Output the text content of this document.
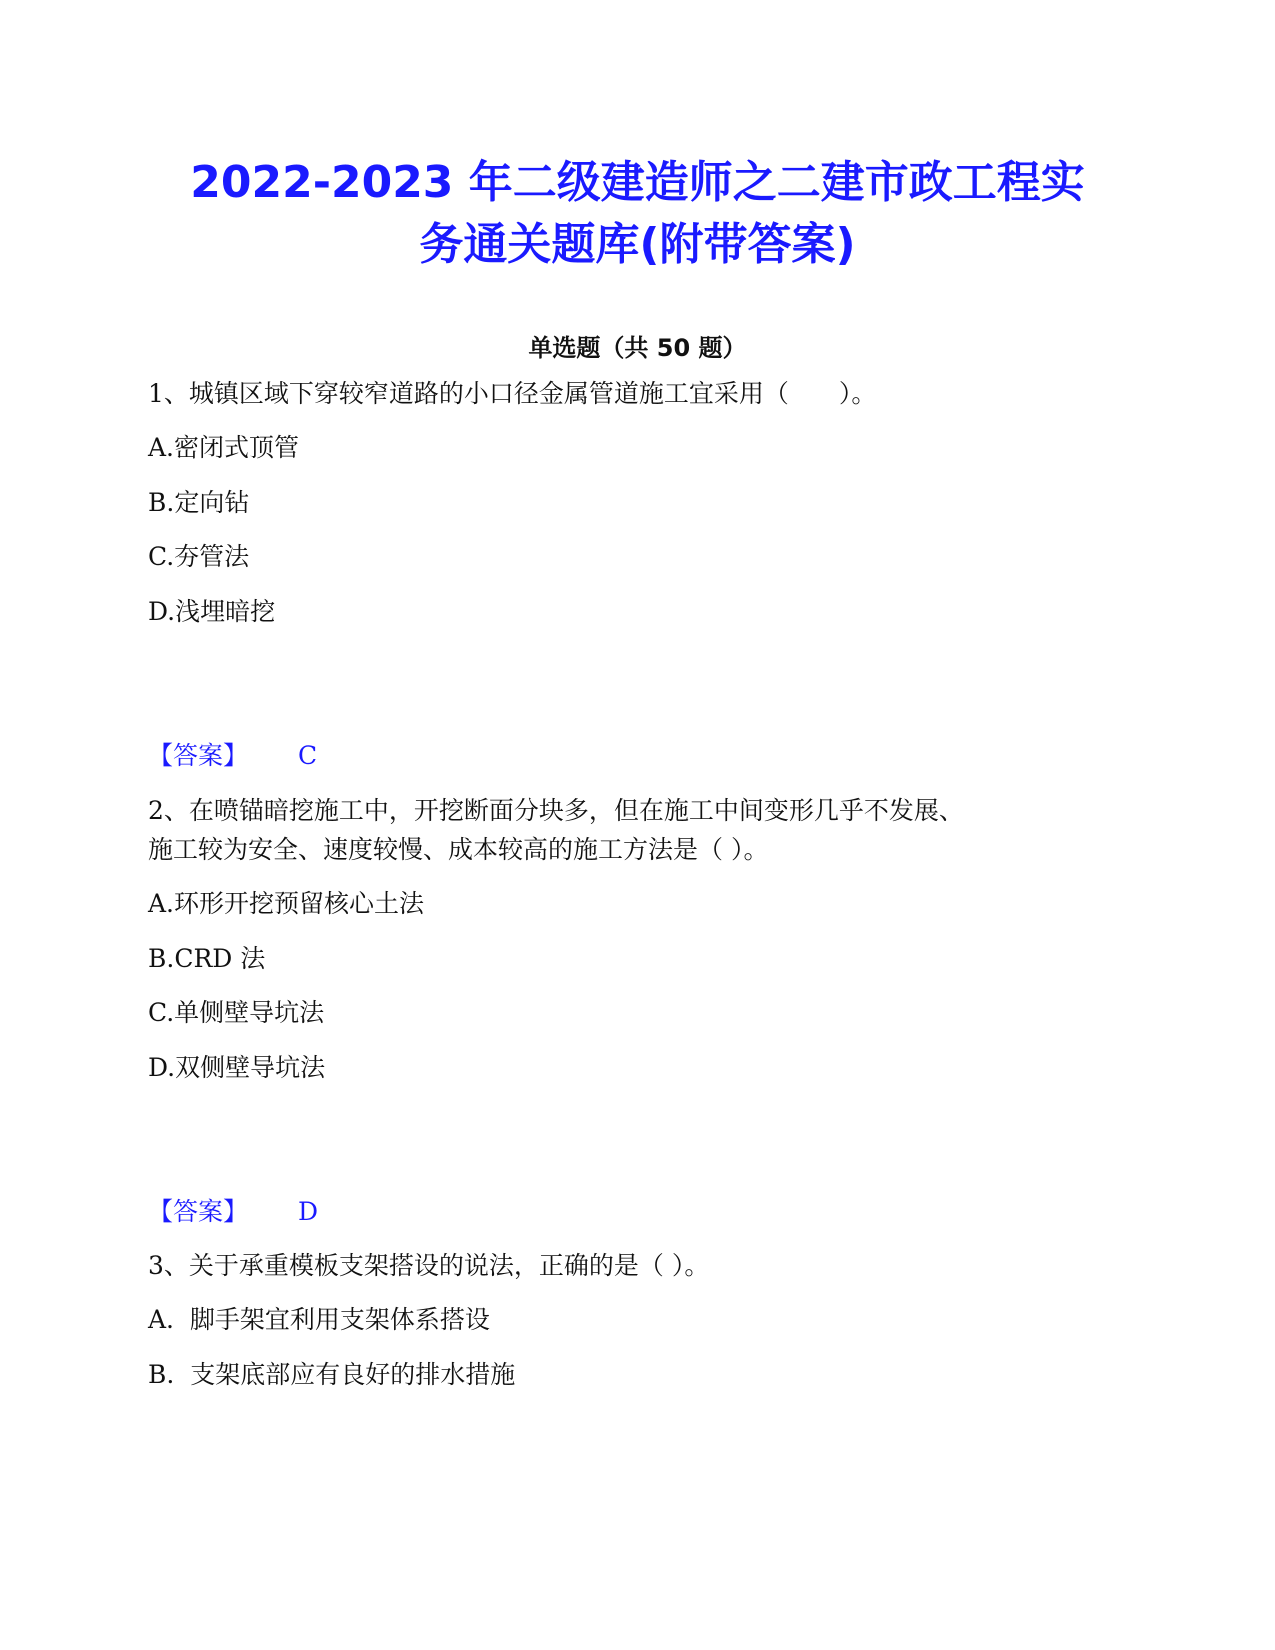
2022-2023 年二级建造师之二建市政工程实
务通关题库(附带答案)
单选题（共 50 题）
1、城镇区域下穿较窄道路的小口径金属管道施工宜采用（　　）。
A.密闭式顶管
B.定向钻
C.夯管法
D.浅埋暗挖
【答案】 C
2、在喷锚暗挖施工中，开挖断面分块多，但在施工中间变形几乎不发展、
施工较为安全、速度较慢、成本较高的施工方法是（ ）。
A.环形开挖预留核心土法
B.CRD 法
C.单侧壁导坑法
D.双侧壁导坑法
【答案】 D
3、关于承重模板支架搭设的说法，正确的是（ ）。
A.  脚手架宜利用支架体系搭设
B.  支架底部应有良好的排水措施
